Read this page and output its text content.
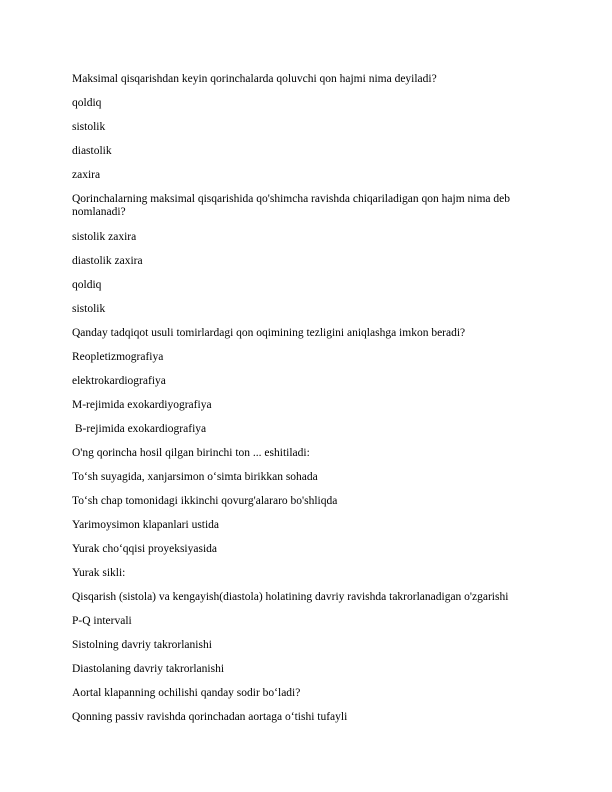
Maksimal qisqarishdan keyin qorinchalarda qoluvchi qon hajmi nima deyiladi?
qoldiq
sistolik
diastolik
zaxira
Qorinchalarning maksimal qisqarishida qo'shimcha ravishda chiqariladigan qon hajm nima deb nomlanadi?
sistolik zaxira
diastolik zaxira
qoldiq
sistolik
Qanday tadqiqot usuli tomirlardagi qon oqimining tezligini aniqlashga imkon beradi?
Reopletizmografiya
elektrokardiografiya
M-rejimida exokardiyografiya
B-rejimida exokardiografiya
O'ng qorincha hosil qilgan birinchi ton ... eshitiladi:
To‘sh suyagida, xanjarsimon o‘simta birikkan sohada
To‘sh chap tomonidagi ikkinchi qovurg'alararo bo'shliqda
Yarimoysimon klapanlari ustida
Yurak cho‘qqisi proyeksiyasida
Yurak sikli:
Qisqarish (sistola) va kengayish(diastola) holatining davriy ravishda takrorlanadigan o'zgarishi
P-Q intervali
Sistolning davriy takrorlanishi
Diastolaning davriy takrorlanishi
Aortal klapanning ochilishi qanday sodir bo‘ladi?
Qonning passiv ravishda qorinchadan aortaga o‘tishi tufayli
